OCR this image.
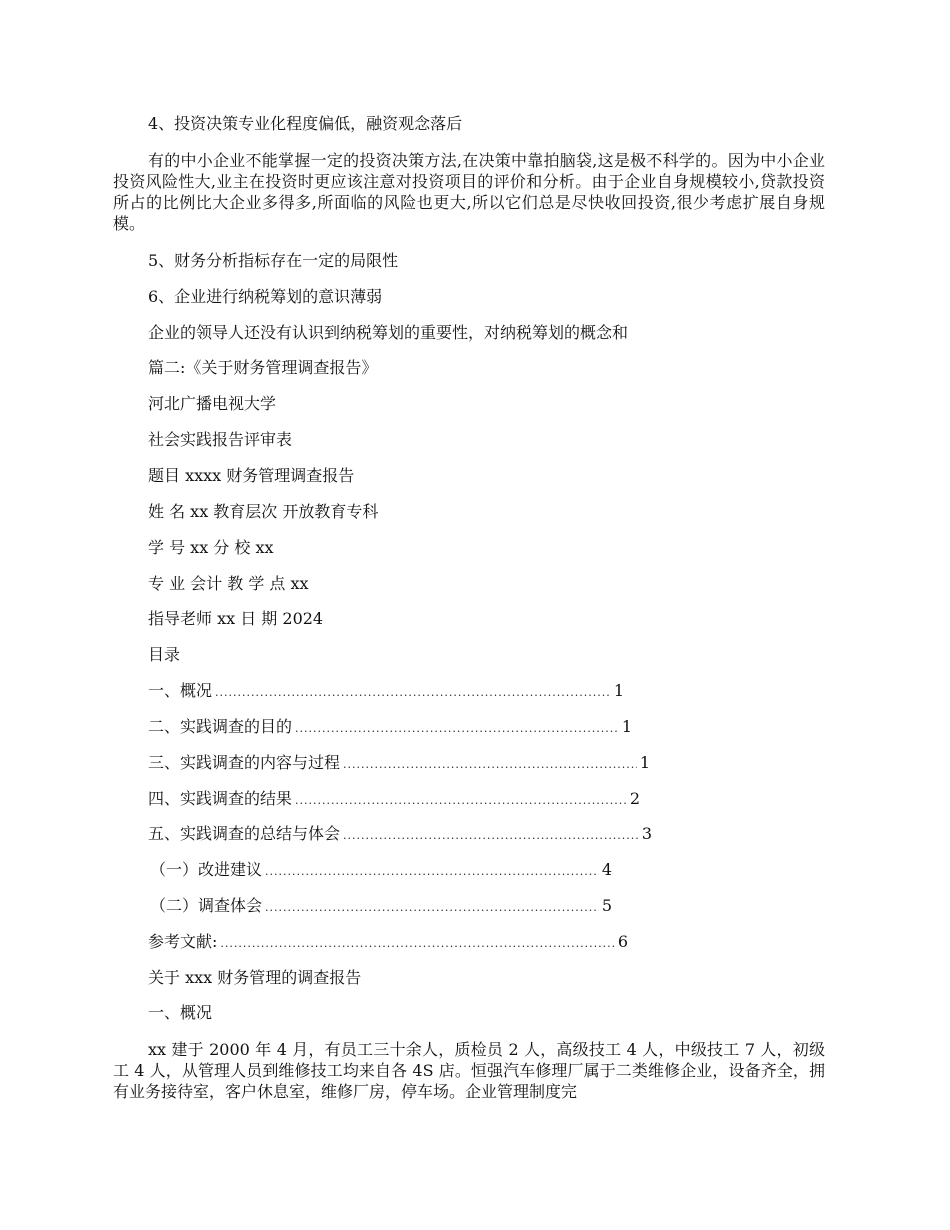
4、投资决策专业化程度偏低，融资观念落后
有的中小企业不能掌握一定的投资决策方法,在决策中靠拍脑袋,这是极不科学的。因为中小企业投资风险性大,业主在投资时更应该注意对投资项目的评价和分析。由于企业自身规模较小,贷款投资所占的比例比大企业多得多,所面临的风险也更大,所以它们总是尽快收回投资,很少考虑扩展自身规模。
5、财务分析指标存在一定的局限性
6、企业进行纳税筹划的意识薄弱
企业的领导人还没有认识到纳税筹划的重要性，对纳税筹划的概念和
篇二:《关于财务管理调查报告》
河北广播电视大学
社会实践报告评审表
题目 xxxx 财务管理调查报告
姓 名 xx 教育层次 开放教育专科
学 号 xx 分 校 xx
专 业 会计 教 学 点 xx
指导老师 xx 日 期 2024
目录
一、概况 .....	1
二、实践调查的目的 .....	1
三、实践调查的内容与过程 .....	1
四、实践调查的结果 .....	2
五、实践调查的总结与体会 .....	3
（一）改进建议 .....	4
（二）调查体会 .....	5
参考文献: .....	6
关于 xxx 财务管理的调查报告
一、概况
xx 建于 2000 年 4 月，有员工三十余人，质检员 2 人，高级技工 4 人，中级技工 7 人，初级工 4 人，从管理人员到维修技工均来自各 4S 店。恒强汽车修理厂属于二类维修企业，设备齐全，拥有业务接待室，客户休息室，维修厂房，停车场。企业管理制度完
